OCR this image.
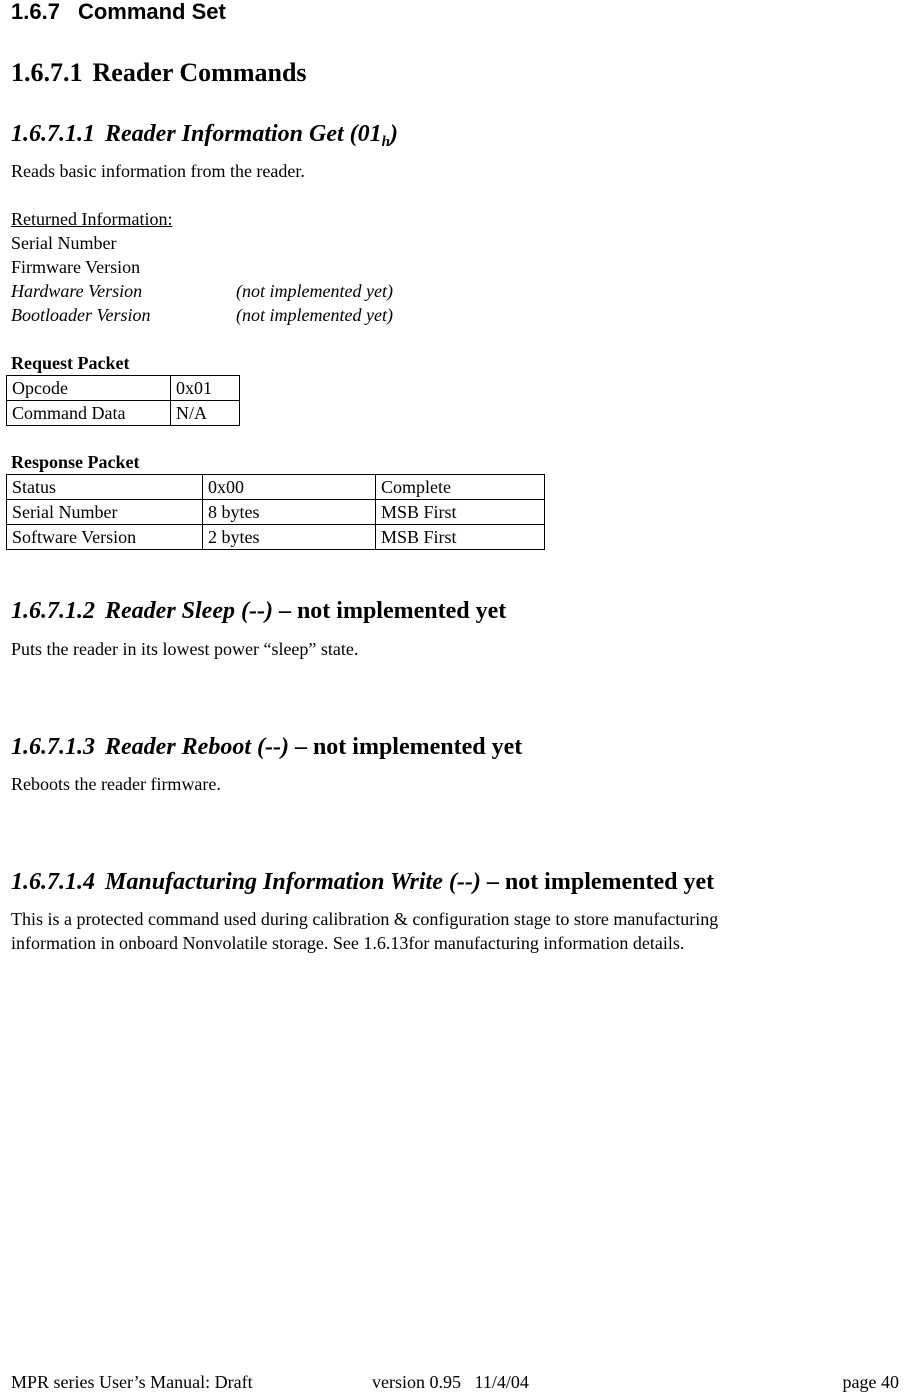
1.6.7 Command Set
1.6.7.1 Reader Commands
1.6.7.1.1 Reader Information Get $(01_h)$
Reads basic information from the reader.
Returned Information:
Serial Number
Firmware Version
Hardware Version	(not implemented yet)
Bootloader Version	(not implemented yet)
Request Packet
Opcode	0x01
Command Data	N/A
Response Packet
Status	0x00	Complete
Serial Number	8 bytes	MSB First
Software Version	2 bytes	MSB First
1.6.7.1.2 Reader Sleep (--) – not implemented yet
Puts the reader in its lowest power “sleep” state.
1.6.7.1.3 Reader Reboot (--) – not implemented yet
Reboots the reader firmware.
1.6.7.1.4 Manufacturing Information Write (--) – not implemented yet
This is a protected command used during calibration & configuration stage to store manufacturing
information in onboard Nonvolatile storage. See 1.6.13for manufacturing information details.
MPR series User’s Manual: Draft	version 0.95   11/4/04	page 40
